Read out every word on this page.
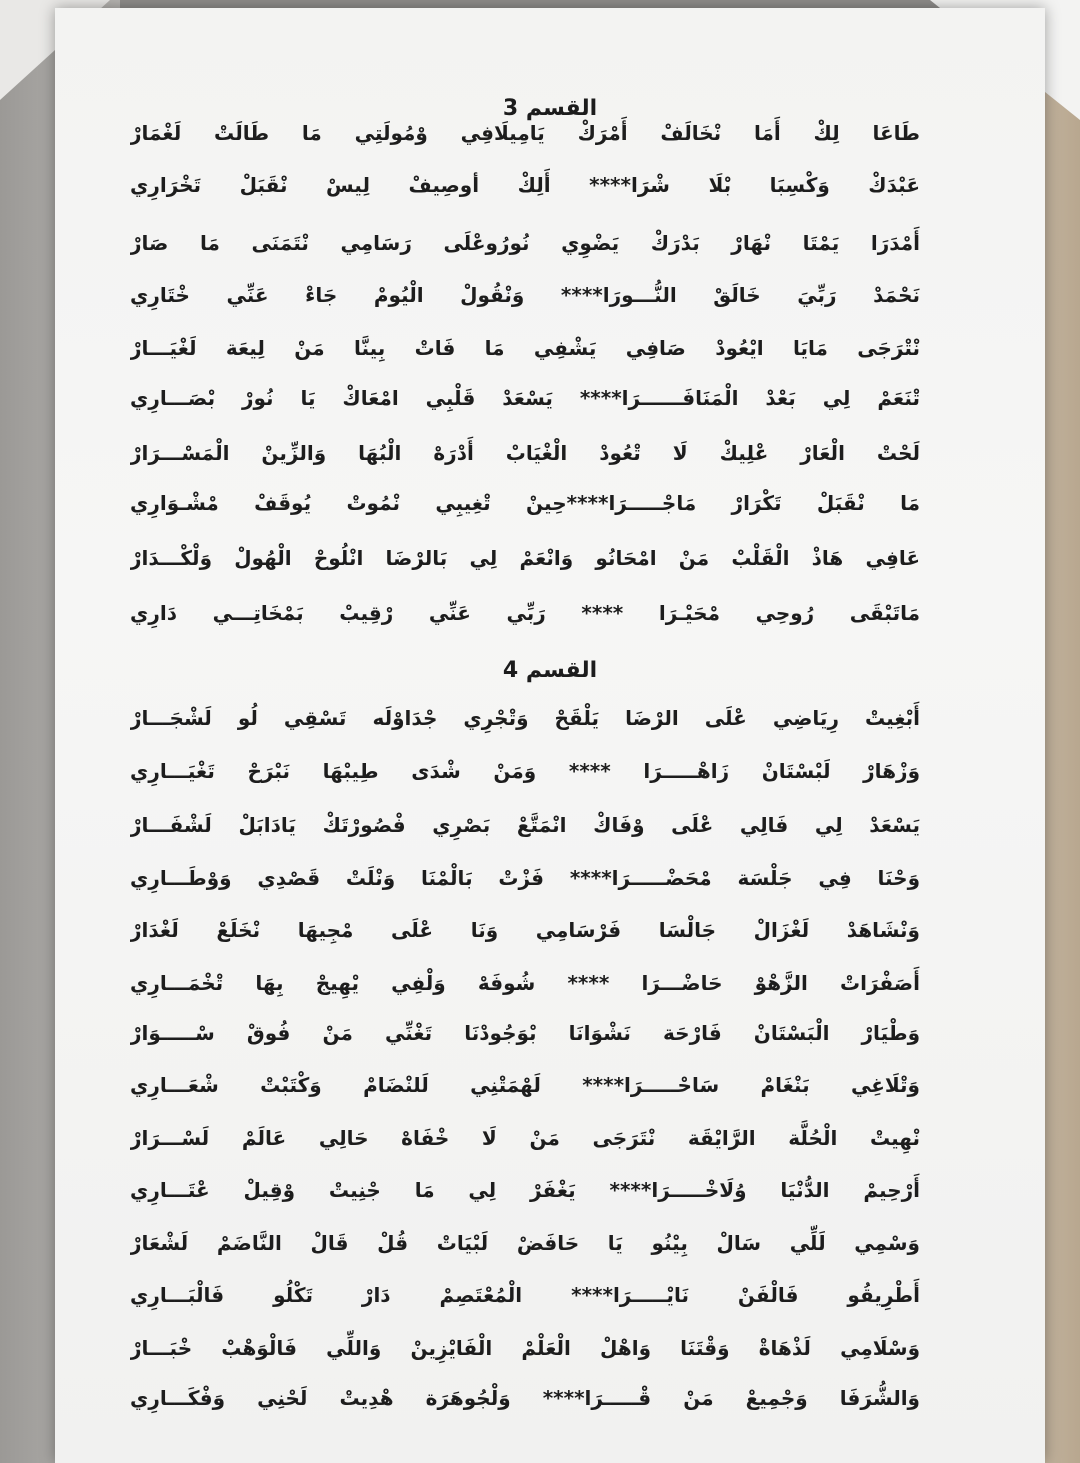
القسم 3
طَاعَا لِكْ أَمَا نْخَالَفْ أَمْرَكْ يَامِيلَافِي وْمُولَتِي مَا طَالَتْ لَغْمَارْ
عَبْدَكْ وَكْسِبَا بْلَا شْرَا**** أَلِكْ أوصِيفْ لِيسْ نْقَبَلْ تَخْرَارِي
أَمْدَرَا يَمْتَا نْهَارْ بَدْرَكْ يَضْوِي نُورُوعْلَى رَسَامِي نْتَمَنَى مَا صَارْ
نَحْمَدْ رَبِّيَ خَالَقْ النُّـــورَا**** وَنْقُولْ الْيُومْ جَاءْ عَنِّي خْتَارِي
نْتْرَجَى مَايَا ايْعُودْ صَافِي يَشْفِي مَا فَاتْ بِينَّا مَنْ لِيعَة لَغْيَـــارْ
تْنَعَمْ لِي بَعْدْ الْمَنَافَــــــرَا**** يَسْعَدْ قَلْبِي امْعَاكْ يَا نُورْ بْصَـــارِي
لَحْتْ الْعَارْ عْلِيكْ لَا تْعُودْ الْغْيَابْ أَدْرَهْ الْبُهَا وَالزِّينْ الْمَسْـــرَارْ
مَا نْقَبَلْ تَكْرَارْ مَاجْـــــرَا****حِينْ تْغِيبِي نْمُوتْ يُوقَفْ مْشْـوَارِي
عَافِي هَاذْ الْقَلْبْ مَنْ امْحَانُو وَانْعَمْ لِي بَالرْضَا انْلُوحْ الْهُولْ وَلْكْـــدَارْ
مَاتَبْقَى رُوحِي مْحَيْـرَا **** رَبِّي عَنِّي رْقِيبْ بَمْخَاتِـــي دَارِي
القسم 4
أَبْغِيتْ رِيَاضِي عْلَى الرْضَا يَلْقَحْ وَتْجْرِي جْدَاوْلَه تَسْقِي لُو لَشْجَـــارْ
وَزْهَارْ لَبْسْتَانْ زَاهْـــــرَا **** وَمَنْ شْدَى طِيبْهَا نَبْرَحْ تَغْيَـــارِي
يَسْعَدْ لِي فَالِي عْلَى وْفَاكْ انْمَتَّعْ بَصْرِي فْصُورْتَكْ يَادَابَلْ لَشْفَـــارْ
وَحْنَا فِي جَلْسَة مْحَضْـــــرَا**** فَزْتْ بَالْمْنَا وَنْلَتْ قَصْدِي وَوْطَـــارِي
وَنْشَاهَدْ لَغْزَالْ جَالْسَا فَرْسَامِي وَنَا عْلَى مْجِيهَا نْخَلَعْ لَغْدَارْ
أَصَفْرَاتْ الزَّهْوْ حَاضْـــرَا **** شُوفَهْ وَلْفِي يْهِيجْ بِهَا تْخْمَـــارِي
وَطْيَارْ الْبَسْتَانْ فَارْحَة نَشْوَانَا بْوَجُودْنَا تَغْنِّي مَنْ فُوقْ سْـــــوَارْ
وَتْلَاغِي بَنْغَامْ سَاحْـــــرَا**** لَهْمَتْنِي لَلنْضَامْ وَكْتَبْتْ شْعَـــارِي
نْهِيتْ الْحُلَّة الرَّايْقَة نْتَرَجَى مَنْ لَا خْفَاهْ حَالِي عَالَمْ لَسْـــرَارْ
أَرْحِيمْ الدُّنْيَا وُلَاخْـــــرَا**** يَغْفَرْ لِي مَا جْنِيتْ وْقِيلْ عْتَـــارِي
وَسْمِي لَلِّي سَالْ بِيْنُو يَا حَافَضْ لَبْيَاتْ قُلْ قَالْ النَّاضَمْ لَشْعَارْ
أَطْرِيقُو فَالْفَنْ نَايْـــــرَا**** الْمُعْتَصِمْ دَارْ تَكْلُو فَالْبَـــارِي
وَسْلَامِي لَذْهَاةْ وَقْتَنَا وَاهْلْ الْعَلْمْ الْفَايْزِينْ وَاللِّي فَالْوَهْبْ خْبَـــارْ
وَالشُّرَفَا وَجْمِيعْ مَنْ قْـــــرَا**** وَلْجُوهَرَة هْدِيتْ لَحْنِي وَفْكَـــارِي
